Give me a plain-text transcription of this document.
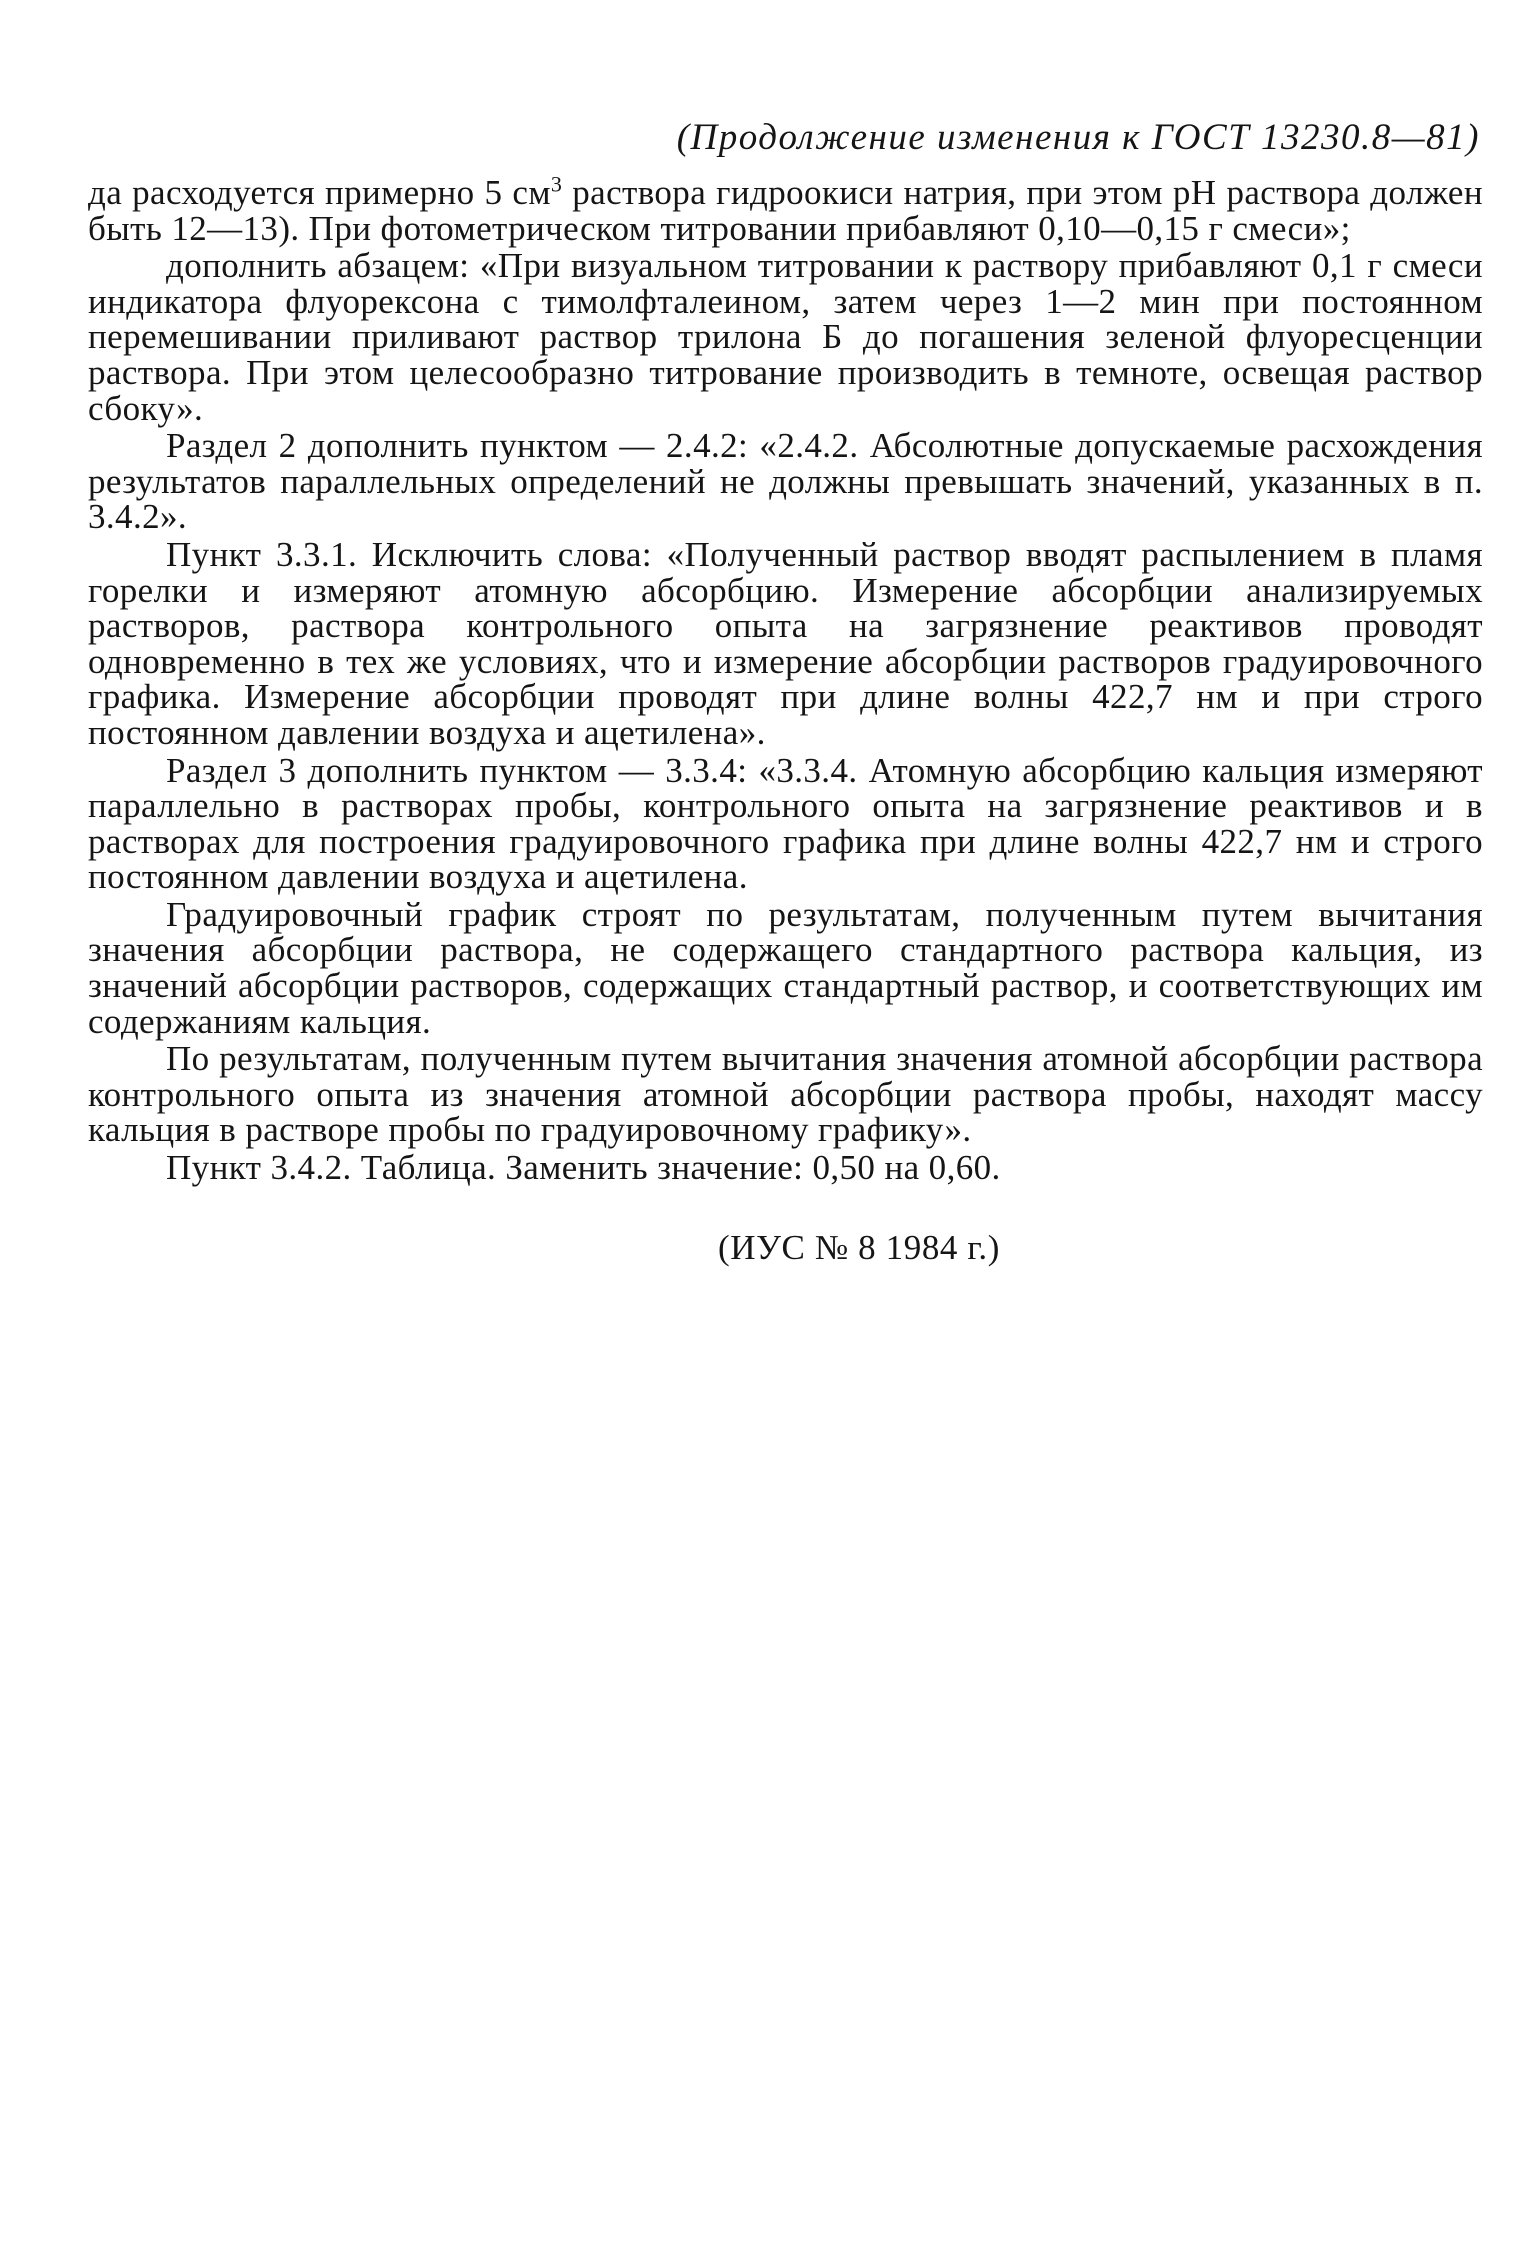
(Продолжение изменения к ГОСТ 13230.8—81)

да расходуется примерно 5 $см^3$ раствора гидроокиси натрия, при этом рН раствора должен быть 12—13). При фотометрическом титровании прибавляют 0,10—0,15 г смеси»;

дополнить абзацем: «При визуальном титровании к раствору прибавляют 0,1 г смеси индикатора флуорексона с тимолфталеином, затем через 1—2 мин при постоянном перемешивании приливают раствор трилона Б до погашения зеленой флуоресценции раствора. При этом целесообразно титрование производить в темноте, освещая раствор сбоку».

Раздел 2 дополнить пунктом — 2.4.2: «2.4.2. Абсолютные допускаемые расхождения результатов параллельных определений не должны превышать значений, указанных в п. 3.4.2».

Пункт 3.3.1. Исключить слова: «Полученный раствор вводят распылением в пламя горелки и измеряют атомную абсорбцию. Измерение абсорбции анализируемых растворов, раствора контрольного опыта на загрязнение реактивов проводят одновременно в тех же условиях, что и измерение абсорбции растворов градуировочного графика. Измерение абсорбции проводят при длине волны 422,7 нм и при строго постоянном давлении воздуха и ацетилена».

Раздел 3 дополнить пунктом — 3.3.4: «3.3.4. Атомную абсорбцию кальция измеряют параллельно в растворах пробы, контрольного опыта на загрязнение реактивов и в растворах для построения градуировочного графика при длине волны 422,7 нм и строго постоянном давлении воздуха и ацетилена.

Градуировочный график строят по результатам, полученным путем вычитания значения абсорбции раствора, не содержащего стандартного раствора кальция, из значений абсорбции растворов, содержащих стандартный раствор, и соответствующих им содержаниям кальция.

По результатам, полученным путем вычитания значения атомной абсорбции раствора контрольного опыта из значения атомной абсорбции раствора пробы, находят массу кальция в растворе пробы по градуировочному графику».

Пункт 3.4.2. Таблица. Заменить значение: 0,50 на 0,60.

(ИУС № 8 1984 г.)
